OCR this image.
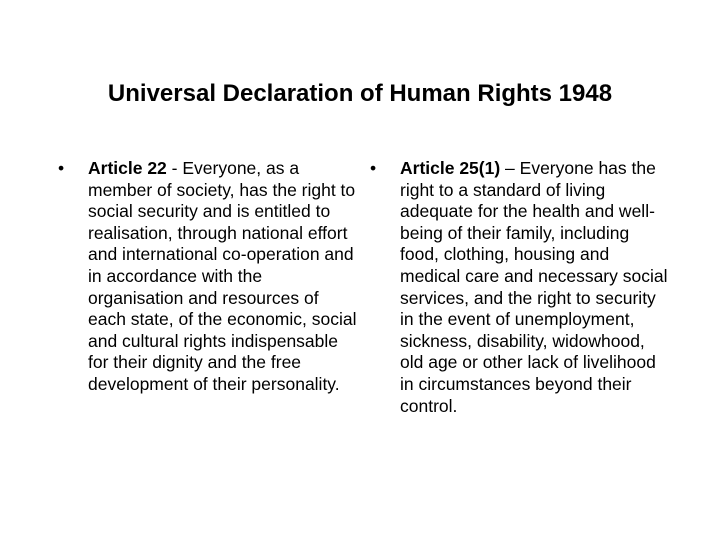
Universal Declaration of Human Rights 1948
•	Article 22 - Everyone, as a member of society, has the right to social security and is entitled to realisation, through national effort and international co-operation and in accordance with the organisation and resources of each state, of the economic, social and cultural rights indispensable for their dignity and the free development of their personality.
•	Article 25(1) – Everyone has the right to a standard of living adequate for the health and well-being of their family, including food, clothing, housing and medical care and necessary social services, and the right to security in the event of unemployment, sickness, disability, widowhood, old age or other lack of livelihood in circumstances beyond their control.
